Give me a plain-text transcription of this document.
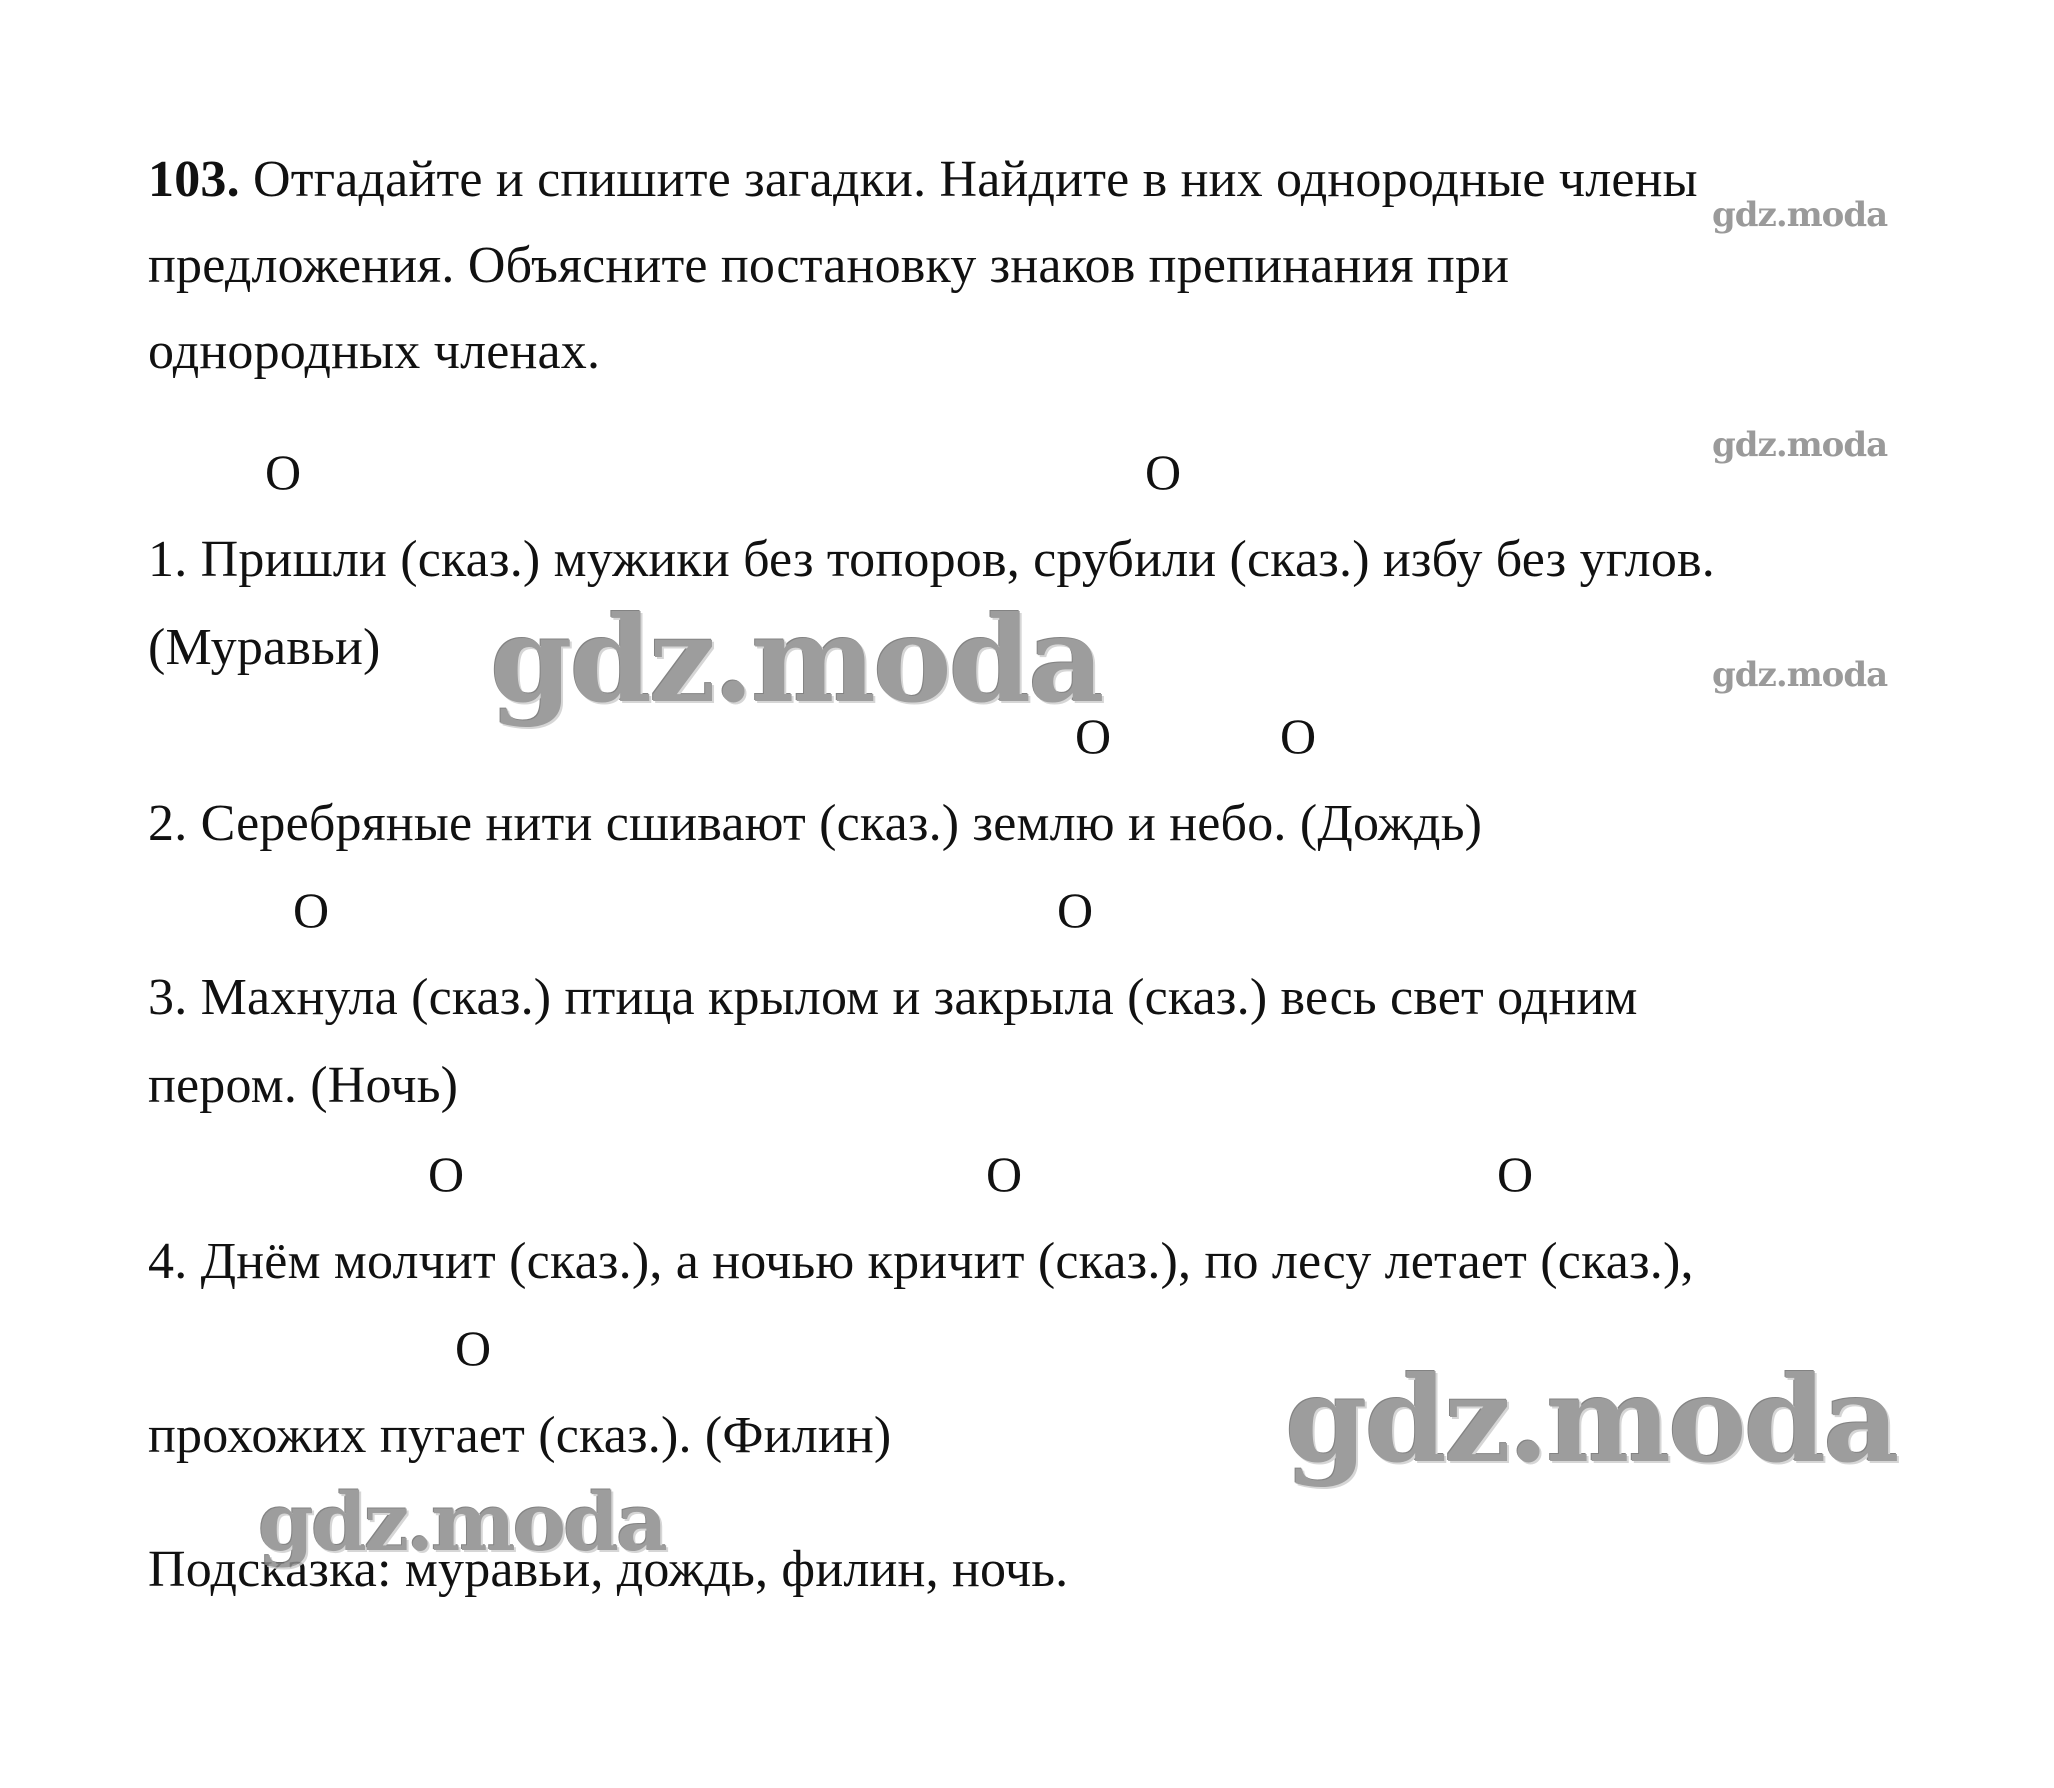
103. Отгадайте и спишите загадки. Найдите в них однородные члены
предложения. Объясните постановку знаков препинания при
однородных членах.
О	О
1. Пришли (сказ.) мужики без топоров, срубили (сказ.) избу без углов.
(Муравьи)
О	О
2. Серебряные нити сшивают (сказ.) землю и небо. (Дождь)
О	О
3. Махнула (сказ.) птица крылом и закрыла (сказ.) весь свет одним
пером. (Ночь)
О	О	О
4. Днём молчит (сказ.), а ночью кричит (сказ.), по лесу летает (сказ.),
О
прохожих пугает (сказ.). (Филин)
Подсказка: муравьи, дождь, филин, ночь.
gdz.moda
gdz.moda
gdz.moda
gdz.moda
gdz.moda
gdz.moda
